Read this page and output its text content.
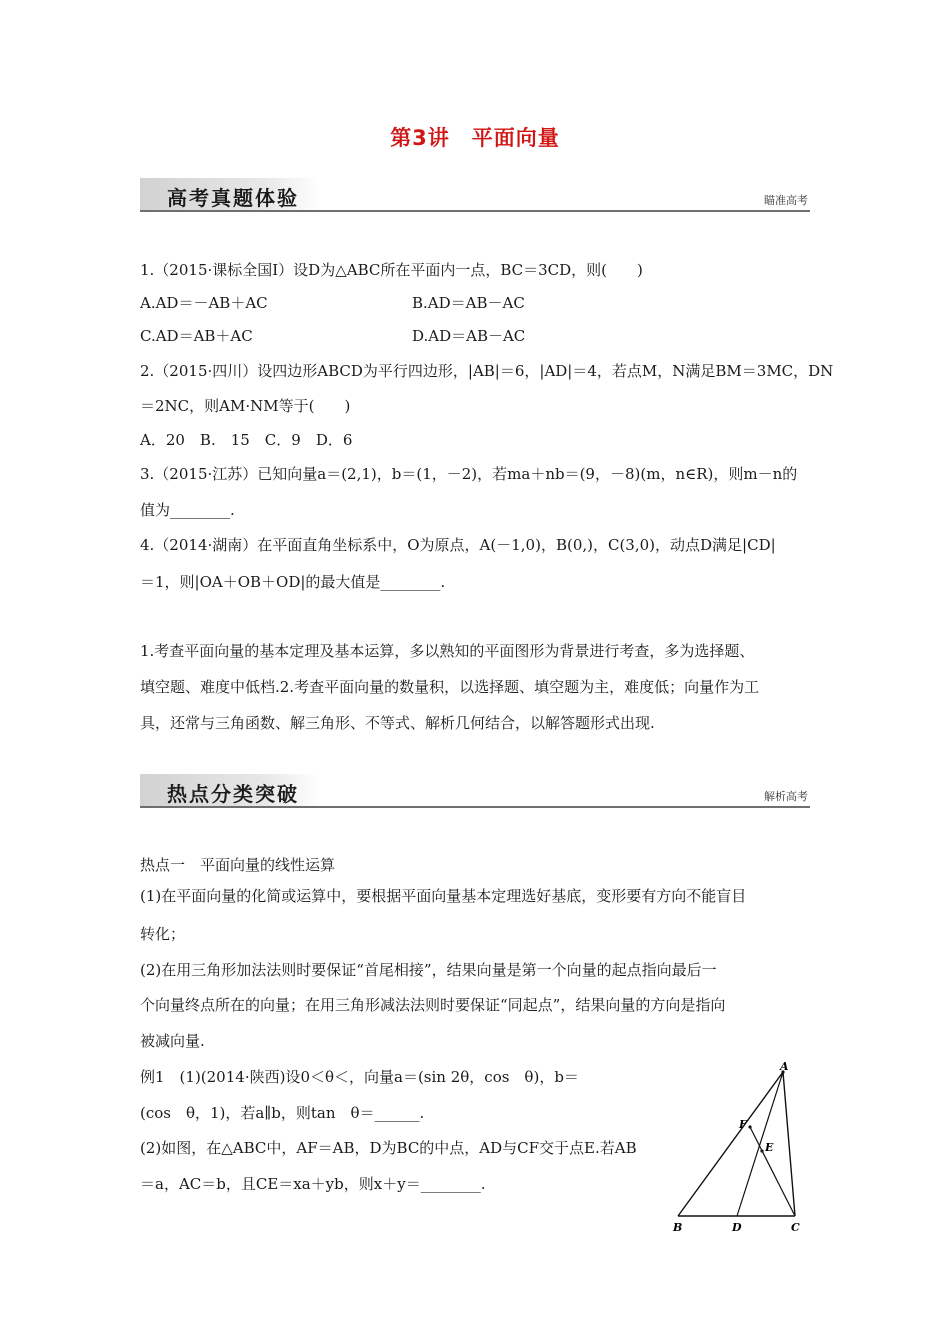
第3讲　平面向量
高考真题体验	瞄准高考
1.（2015·课标全国Ⅰ）设D为△ABC所在平面内一点，BC＝3CD，则(　　)
A.AD＝－AB＋AC	B.AD＝AB－AC
C.AD＝AB＋AC	D.AD＝AB－AC
2.（2015·四川）设四边形ABCD为平行四边形，|AB|＝6，|AD|＝4，若点M，N满足BM＝3MC，DN
＝2NC，则AM·NM等于(　　)
A．20　B.　15　C．9　D．6
3.（2015·江苏）已知向量a＝(2,1)，b＝(1，－2)，若ma＋nb＝(9，－8)(m，n∈R)，则m－n的
值为________.
4.（2014·湖南）在平面直角坐标系中，O为原点，A(－1,0)，B(0,)，C(3,0)，动点D满足|CD|
＝1，则|OA＋OB＋OD|的最大值是________.
1.考查平面向量的基本定理及基本运算，多以熟知的平面图形为背景进行考查，多为选择题、
填空题、难度中低档.2.考查平面向量的数量积，以选择题、填空题为主，难度低；向量作为工
具，还常与三角函数、解三角形、不等式、解析几何结合，以解答题形式出现.
热点分类突破	解析高考
热点一　平面向量的线性运算
(1)在平面向量的化简或运算中，要根据平面向量基本定理选好基底，变形要有方向不能盲目
转化；
(2)在用三角形加法法则时要保证“首尾相接”，结果向量是第一个向量的起点指向最后一
个向量终点所在的向量；在用三角形减法法则时要保证“同起点”，结果向量的方向是指向
被减向量.
例1　(1)(2014·陕西)设0＜θ＜，向量a＝(sin 2θ，cos　θ)，b＝
(cos　θ，1)，若a∥b，则tan　θ＝______.
(2)如图，在△ABC中，AF＝AB，D为BC的中点，AD与CF交于点E.若AB
＝a，AC＝b，且CE＝xa＋yb，则x＋y＝________.
A
F
E
B	D	C
